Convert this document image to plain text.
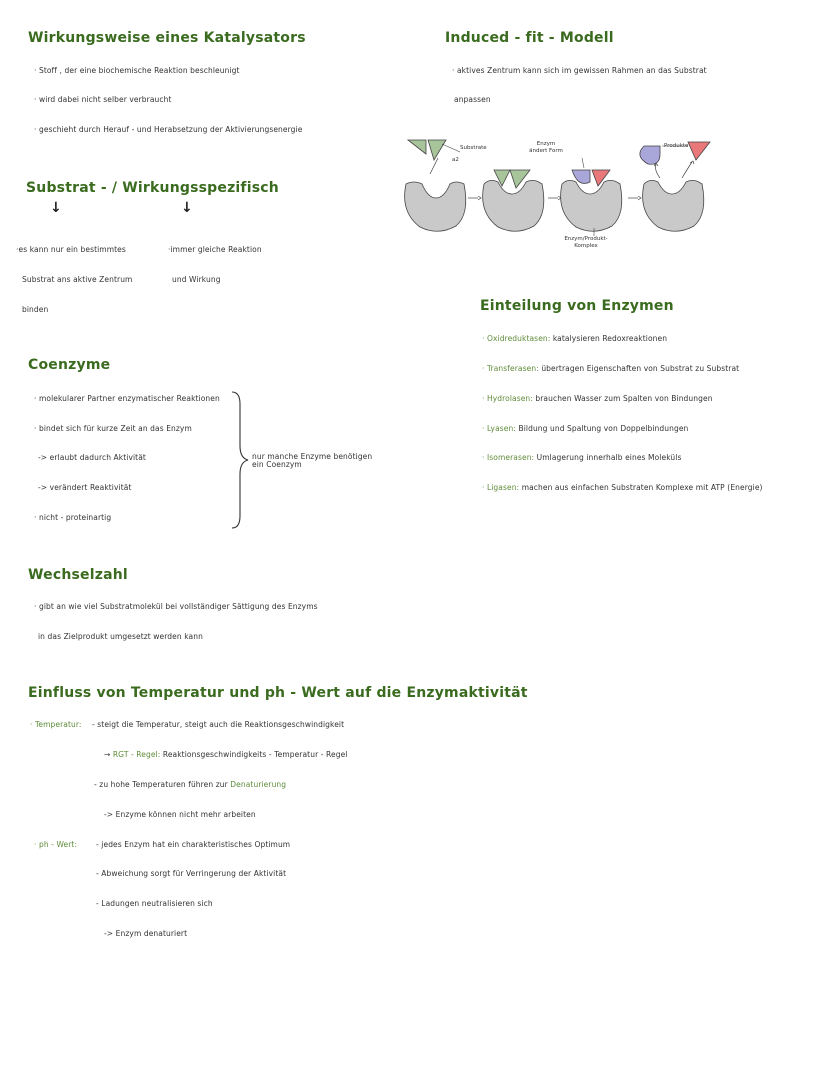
Wirkungsweise eines Katalysators
· Stoff , der eine biochemische Reaktion beschleunigt
· wird dabei nicht selber verbraucht
· geschieht durch Herauf - und Herabsetzung der Aktivierungsenergie
Induced - fit - Modell
· aktives Zentrum kann sich im gewissen Rahmen an das Substrat
anpassen
Substrate
a2
Enzym ändert Form
Produkte
Enzym/Produkt-Komplex
Substrat - / Wirkungsspezifisch
↓	↓
·es kann nur ein bestimmtes
Substrat ans aktive Zentrum
binden
·immer gleiche Reaktion
und Wirkung
Einteilung von Enzymen
· Oxidreduktasen: katalysieren Redoxreaktionen
· Transferasen: übertragen Eigenschaften von Substrat zu Substrat
· Hydrolasen: brauchen Wasser zum Spalten von Bindungen
· Lyasen: Bildung und Spaltung von Doppelbindungen
· Isomerasen: Umlagerung innerhalb eines Moleküls
· Ligasen: machen aus einfachen Substraten Komplexe mit ATP (Energie)
Coenzyme
· molekularer Partner enzymatischer Reaktionen
· bindet sich für kurze Zeit an das Enzym
-> erlaubt dadurch Aktivität
-> verändert Reaktivität
· nicht - proteinartig
nur manche Enzyme benötigen
ein Coenzym
Wechselzahl
· gibt an wie viel Substratmolekül bei vollständiger Sättigung des Enzyms
in das Zielprodukt umgesetzt werden kann
Einfluss von Temperatur und ph - Wert auf die Enzymaktivität
· Temperatur: - steigt die Temperatur, steigt auch die Reaktionsgeschwindigkeit
→ RGT - Regel: Reaktionsgeschwindigkeits - Temperatur - Regel
- zu hohe Temperaturen führen zur Denaturierung
-> Enzyme können nicht mehr arbeiten
· ph - Wert:	- jedes Enzym hat ein charakteristisches Optimum
- Abweichung sorgt für Verringerung der Aktivität
- Ladungen neutralisieren sich
-> Enzym denaturiert
